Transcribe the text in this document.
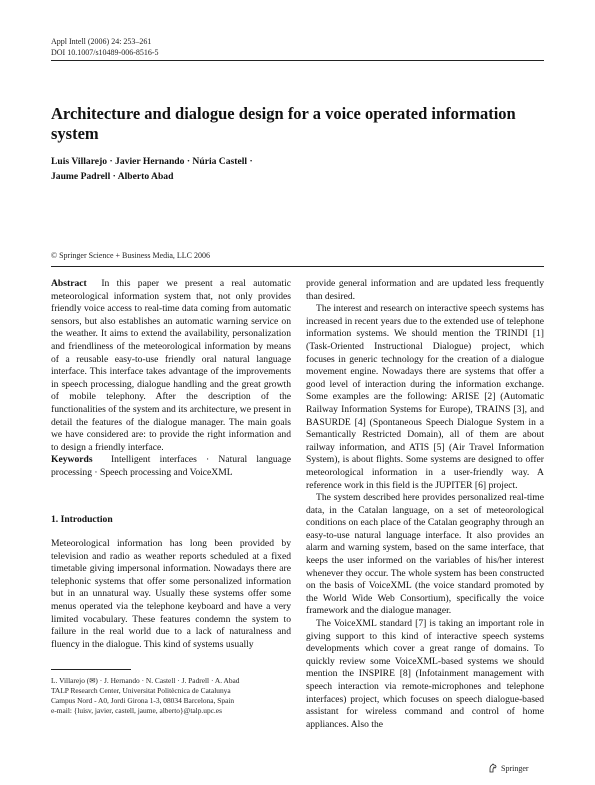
Appl Intell (2006) 24: 253–261
DOI 10.1007/s10489-006-8516-5
Architecture and dialogue design for a voice operated information system
Luis Villarejo · Javier Hernando · Núria Castell ·
Jaume Padrell · Alberto Abad
© Springer Science + Business Media, LLC 2006

Abstract In this paper we present a real automatic meteorological information system that, not only provides friendly voice access to real-time data coming from automatic sensors, but also establishes an automatic warning service on the weather. It aims to extend the availability, personalization and friendliness of the meteorological information by means of a reusable easy-to-use friendly oral natural language interface. This interface takes advantage of the improvements in speech processing, dialogue handling and the great growth of mobile telephony. After the description of the functionalities of the system and its architecture, we present in detail the features of the dialogue manager. The main goals we have considered are: to provide the right information and to design a friendly interface.

Keywords Intelligent interfaces · Natural language processing · Speech processing and VoiceXML

1. Introduction

Meteorological information has long been provided by television and radio as weather reports scheduled at a fixed timetable giving impersonal information. Nowadays there are telephonic systems that offer some personalized information but in an unnatural way. Usually these systems offer some menus operated via the telephone keyboard and have a very limited vocabulary. These features condemn the system to failure in the real world due to a lack of naturalness and fluency in the dialogue. This kind of systems usually

provide general information and are updated less frequently than desired.

The interest and research on interactive speech systems has increased in recent years due to the extended use of telephone information systems. We should mention the TRINDI [1] (Task-Oriented Instructional Dialogue) project, which focuses in generic technology for the creation of a dialogue movement engine. Nowadays there are systems that offer a good level of interaction during the information exchange. Some examples are the following: ARISE [2] (Automatic Railway Information Systems for Europe), TRAINS [3], and BASURDE [4] (Spontaneous Speech Dialogue System in a Semantically Restricted Domain), all of them are about railway information, and ATIS [5] (Air Travel Information System), is about flights. Some systems are designed to offer meteorological information in a user-friendly way. A reference work in this field is the JUPITER [6] project.

The system described here provides personalized real-time data, in the Catalan language, on a set of meteorological conditions on each place of the Catalan geography through an easy-to-use natural language interface. It also provides an alarm and warning system, based on the same interface, that keeps the user informed on the variables of his/her interest whenever they occur. The whole system has been constructed on the basis of VoiceXML (the voice standard promoted by the World Wide Web Consortium), specifically the voice framework and the dialogue manager.

The VoiceXML standard [7] is taking an important role in giving support to this kind of interactive speech systems developments which cover a great range of domains. To quickly review some VoiceXML-based systems we should mention the INSPIRE [8] (Infotainment management with speech interaction via remote-microphones and telephone interfaces) project, which focuses on speech dialogue-based assistant for wireless command and control of home appliances. Also the

L. Villarejo (✉) · J. Hernando · N. Castell · J. Padrell · A. Abad
TALP Research Center, Universitat Politècnica de Catalunya
Campus Nord - A0, Jordi Girona 1-3, 08034 Barcelona, Spain
e-mail: {luisv, javier, castell, jaume, alberto}@talp.upc.es
Springer
